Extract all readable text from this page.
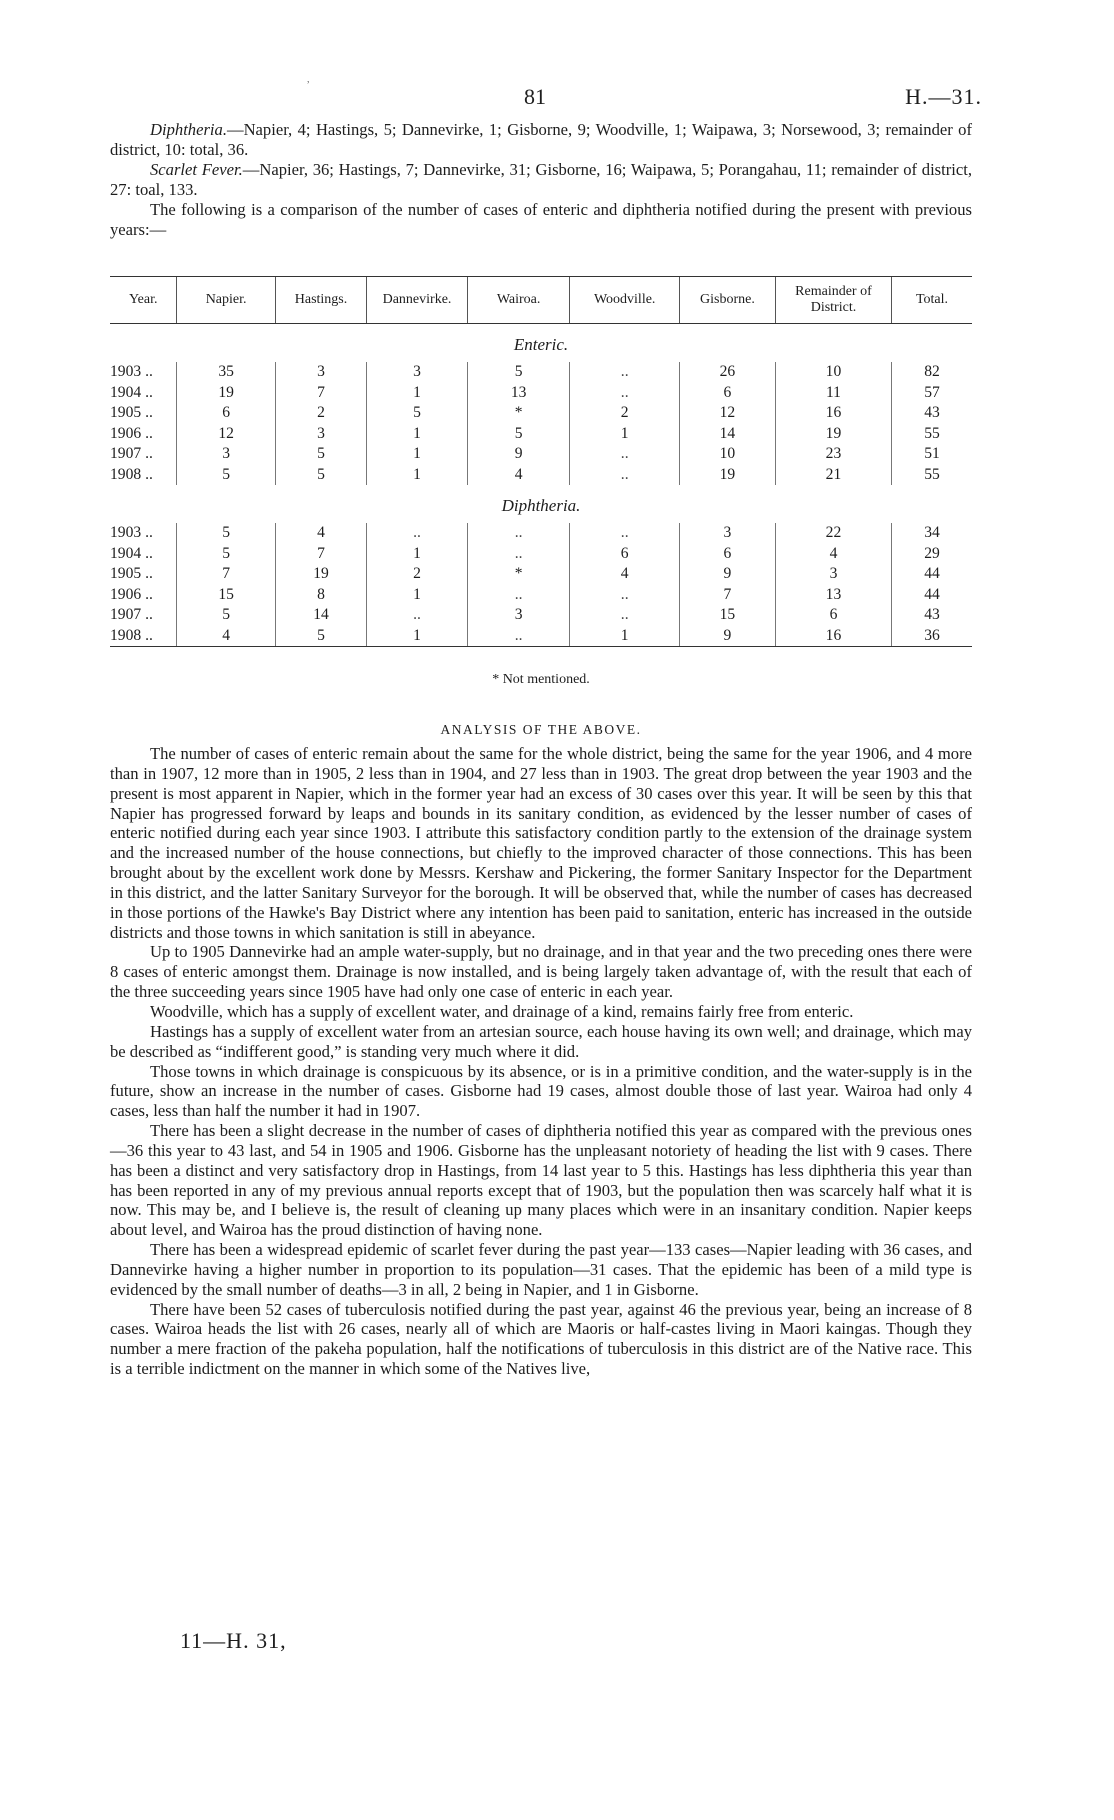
81	H.—31.
,

Diphtheria.—Napier, 4; Hastings, 5; Dannevirke, 1; Gisborne, 9; Woodville, 1; Waipawa, 3; Norsewood, 3; remainder of district, 10: total, 36.

Scarlet Fever.—Napier, 36; Hastings, 7; Dannevirke, 31; Gisborne, 16; Waipawa, 5; Porangahau, 11; remainder of district, 27: toal, 133.

The following is a comparison of the number of cases of enteric and diphtheria notified during the present with previous years:—

Year.	Napier.	Hastings.	Dannevirke.	Wairoa.	Woodville.	Gisborne.	Remainder of District.	Total.
Enteric.								
1903 ..	35	3	3	5	..	26	10	82
1904 ..	19	7	1	13	..	6	11	57
1905 ..	6	2	5	*	2	12	16	43
1906 ..	12	3	1	5	1	14	19	55
1907 ..	3	5	1	9	..	10	23	51
1908 ..	5	5	1	4	..	19	21	55
Diphtheria.								
1903 ..	5	4	..	..	..	3	22	34
1904 ..	5	7	1	..	6	6	4	29
1905 ..	7	19	2	*	4	9	3	44
1906 ..	15	8	1	..	..	7	13	44
1907 ..	5	14	..	3	..	15	6	43
1908 ..	4	5	1	..	1	9	16	36
* Not mentioned.
ANALYSIS OF THE ABOVE.

The number of cases of enteric remain about the same for the whole district, being the same for the year 1906, and 4 more than in 1907, 12 more than in 1905, 2 less than in 1904, and 27 less than in 1903. The great drop between the year 1903 and the present is most apparent in Napier, which in the former year had an excess of 30 cases over this year. It will be seen by this that Napier has progressed forward by leaps and bounds in its sanitary condition, as evidenced by the lesser number of cases of enteric notified during each year since 1903. I attribute this satisfactory condition partly to the extension of the drainage system and the increased number of the house connections, but chiefly to the improved character of those connections. This has been brought about by the excellent work done by Messrs. Kershaw and Pickering, the former Sanitary Inspector for the Department in this district, and the latter Sanitary Surveyor for the borough. It will be observed that, while the number of cases has decreased in those portions of the Hawke's Bay District where any intention has been paid to sanitation, enteric has increased in the outside districts and those towns in which sanitation is still in abeyance.

Up to 1905 Dannevirke had an ample water-supply, but no drainage, and in that year and the two preceding ones there were 8 cases of enteric amongst them. Drainage is now installed, and is being largely taken advantage of, with the result that each of the three succeeding years since 1905 have had only one case of enteric in each year.

Woodville, which has a supply of excellent water, and drainage of a kind, remains fairly free from enteric.

Hastings has a supply of excellent water from an artesian source, each house having its own well; and drainage, which may be described as “indifferent good,” is standing very much where it did.

Those towns in which drainage is conspicuous by its absence, or is in a primitive condition, and the water-supply is in the future, show an increase in the number of cases. Gisborne had 19 cases, almost double those of last year. Wairoa had only 4 cases, less than half the number it had in 1907.

There has been a slight decrease in the number of cases of diphtheria notified this year as compared with the previous ones—36 this year to 43 last, and 54 in 1905 and 1906. Gisborne has the unpleasant notoriety of heading the list with 9 cases. There has been a distinct and very satisfactory drop in Hastings, from 14 last year to 5 this. Hastings has less diphtheria this year than has been reported in any of my previous annual reports except that of 1903, but the population then was scarcely half what it is now. This may be, and I believe is, the result of cleaning up many places which were in an insanitary condition. Napier keeps about level, and Wairoa has the proud distinction of having none.

There has been a widespread epidemic of scarlet fever during the past year—133 cases—Napier leading with 36 cases, and Dannevirke having a higher number in proportion to its population—31 cases. That the epidemic has been of a mild type is evidenced by the small number of deaths—3 in all, 2 being in Napier, and 1 in Gisborne.

There have been 52 cases of tuberculosis notified during the past year, against 46 the previous year, being an increase of 8 cases. Wairoa heads the list with 26 cases, nearly all of which are Maoris or half-castes living in Maori kaingas. Though they number a mere fraction of the pakeha population, half the notifications of tuberculosis in this district are of the Native race. This is a terrible indictment on the manner in which some of the Natives live,

11—H. 31,
